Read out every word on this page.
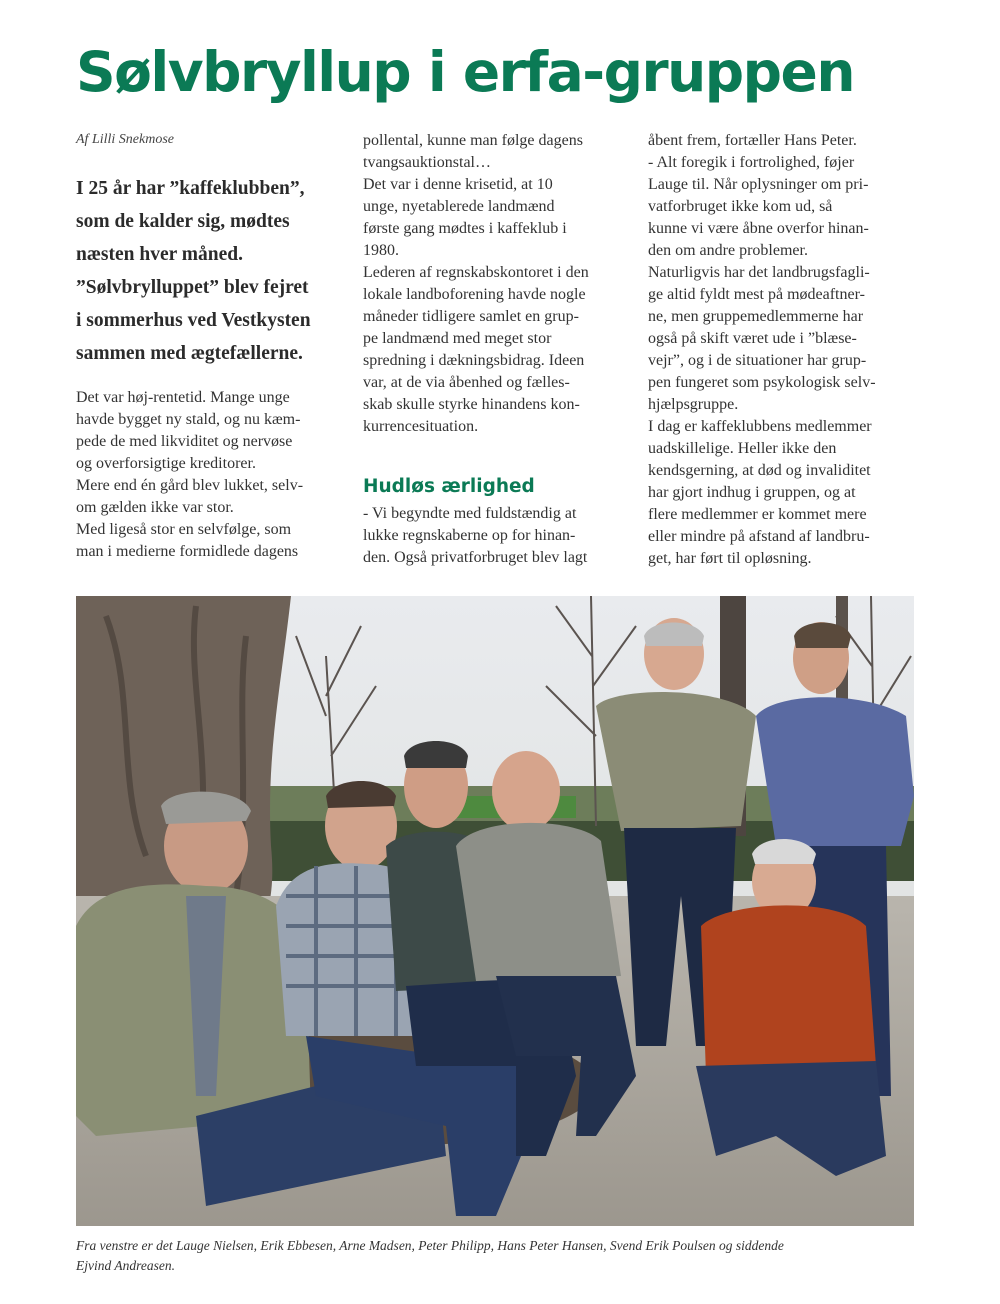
Sølvbryllup i erfa-gruppen
Af Lilli Snekmose
I 25 år har ”kaffeklubben”,
som de kalder sig, mødtes
næsten hver måned.
”Sølvbrylluppet” blev fejret
i sommerhus ved Vestkysten
sammen med ægtefællerne.
Det var høj-rentetid. Mange unge
havde bygget ny stald, og nu kæm-
pede de med likviditet og nervøse
og overforsigtige kreditorer.
Mere end én gård blev lukket, selv-
om gælden ikke var stor.
Med ligeså stor en selvfølge, som
man i medierne formidlede dagens
pollental, kunne man følge dagens
tvangsauktionstal…
Det var i denne krisetid, at 10
unge, nyetablerede landmænd
første gang mødtes i kaffeklub i
1980.
Lederen af regnskabskontoret i den
lokale landboforening havde nogle
måneder tidligere samlet en grup-
pe landmænd med meget stor
spredning i dækningsbidrag. Ideen
var, at de via åbenhed og fælles-
skab skulle styrke hinandens kon-
kurrencesituation.
Hudløs ærlighed
- Vi begyndte med fuldstændig at
lukke regnskaberne op for hinan-
den. Også privatforbruget blev lagt
åbent frem, fortæller Hans Peter.
- Alt foregik i fortrolighed, føjer
Lauge til. Når oplysninger om pri-
vatforbruget ikke kom ud, så
kunne vi være åbne overfor hinan-
den om andre problemer.
Naturligvis har det landbrugsfagli-
ge altid fyldt mest på mødeaftner-
ne, men gruppemedlemmerne har
også på skift været ude i ”blæse-
vejr”, og i de situationer har grup-
pen fungeret som psykologisk selv-
hjælpsgruppe.
I dag er kaffeklubbens medlemmer
uadskillelige. Heller ikke den
kendsgerning, at død og invaliditet
har gjort indhug i gruppen, og at
flere medlemmer er kommet mere
eller mindre på afstand af landbru-
get, har ført til opløsning.
Fra venstre er det Lauge Nielsen, Erik Ebbesen, Arne Madsen, Peter Philipp, Hans Peter Hansen, Svend Erik Poulsen og siddende
Ejvind Andreasen.
